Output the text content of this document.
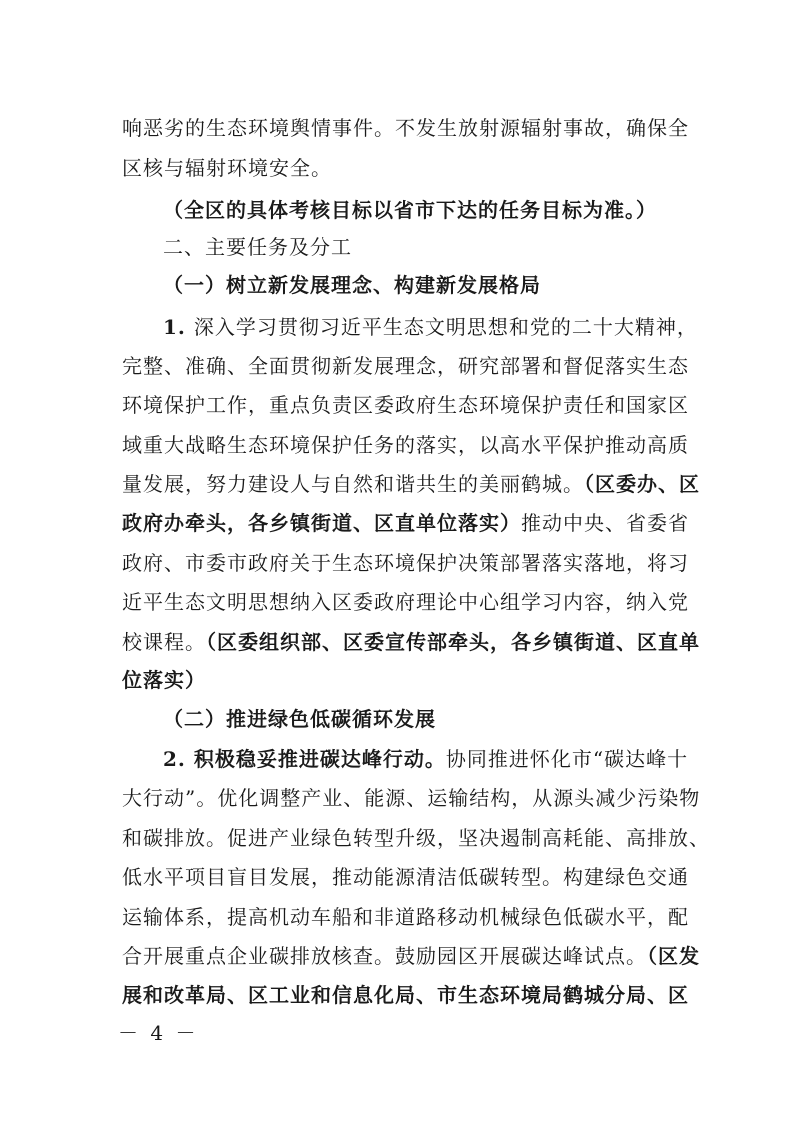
响恶劣的生态环境舆情事件。不发生放射源辐射事故，确保全
区核与辐射环境安全。
（全区的具体考核目标以省市下达的任务目标为准。）
二、主要任务及分工
（一）树立新发展理念、构建新发展格局
1. 深入学习贯彻习近平生态文明思想和党的二十大精神，
完整、准确、全面贯彻新发展理念，研究部署和督促落实生态
环境保护工作，重点负责区委政府生态环境保护责任和国家区
域重大战略生态环境保护任务的落实，以高水平保护推动高质
量发展，努力建设人与自然和谐共生的美丽鹤城。（区委办、区
政府办牵头，各乡镇街道、区直单位落实）推动中央、省委省
政府、市委市政府关于生态环境保护决策部署落实落地，将习
近平生态文明思想纳入区委政府理论中心组学习内容，纳入党
校课程。（区委组织部、区委宣传部牵头，各乡镇街道、区直单
位落实）
（二）推进绿色低碳循环发展
2. 积极稳妥推进碳达峰行动。协同推进怀化市“碳达峰十
大行动”。优化调整产业、能源、运输结构，从源头减少污染物
和碳排放。促进产业绿色转型升级，坚决遏制高耗能、高排放、
低水平项目盲目发展，推动能源清洁低碳转型。构建绿色交通
运输体系，提高机动车船和非道路移动机械绿色低碳水平，配
合开展重点企业碳排放核查。鼓励园区开展碳达峰试点。（区发
展和改革局、区工业和信息化局、市生态环境局鹤城分局、区
－ 4 －
